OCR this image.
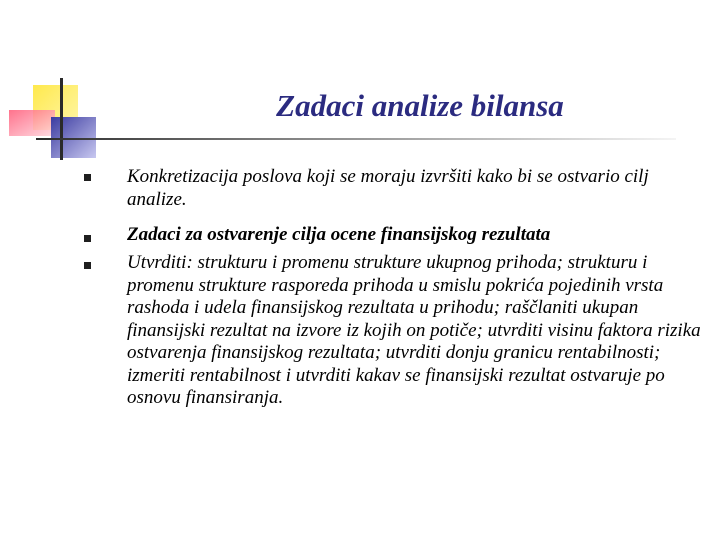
Zadaci analize bilansa

Konkretizacija poslova koji se moraju izvršiti kako bi se ostvario cilj analize.

Zadaci za ostvarenje cilja ocene finansijskog rezultata

Utvrditi: strukturu i promenu strukture ukupnog prihoda; strukturu i promenu strukture rasporeda prihoda u smislu pokrića pojedinih vrsta rashoda i udela finansijskog rezultata u prihodu; raščlaniti ukupan finansijski rezultat na izvore iz kojih on potiče; utvrditi visinu faktora rizika ostvarenja finansijskog rezultata; utvrditi donju granicu rentabilnosti; izmeriti rentabilnost i utvrditi kakav se finansijski rezultat ostvaruje po osnovu finansiranja.
